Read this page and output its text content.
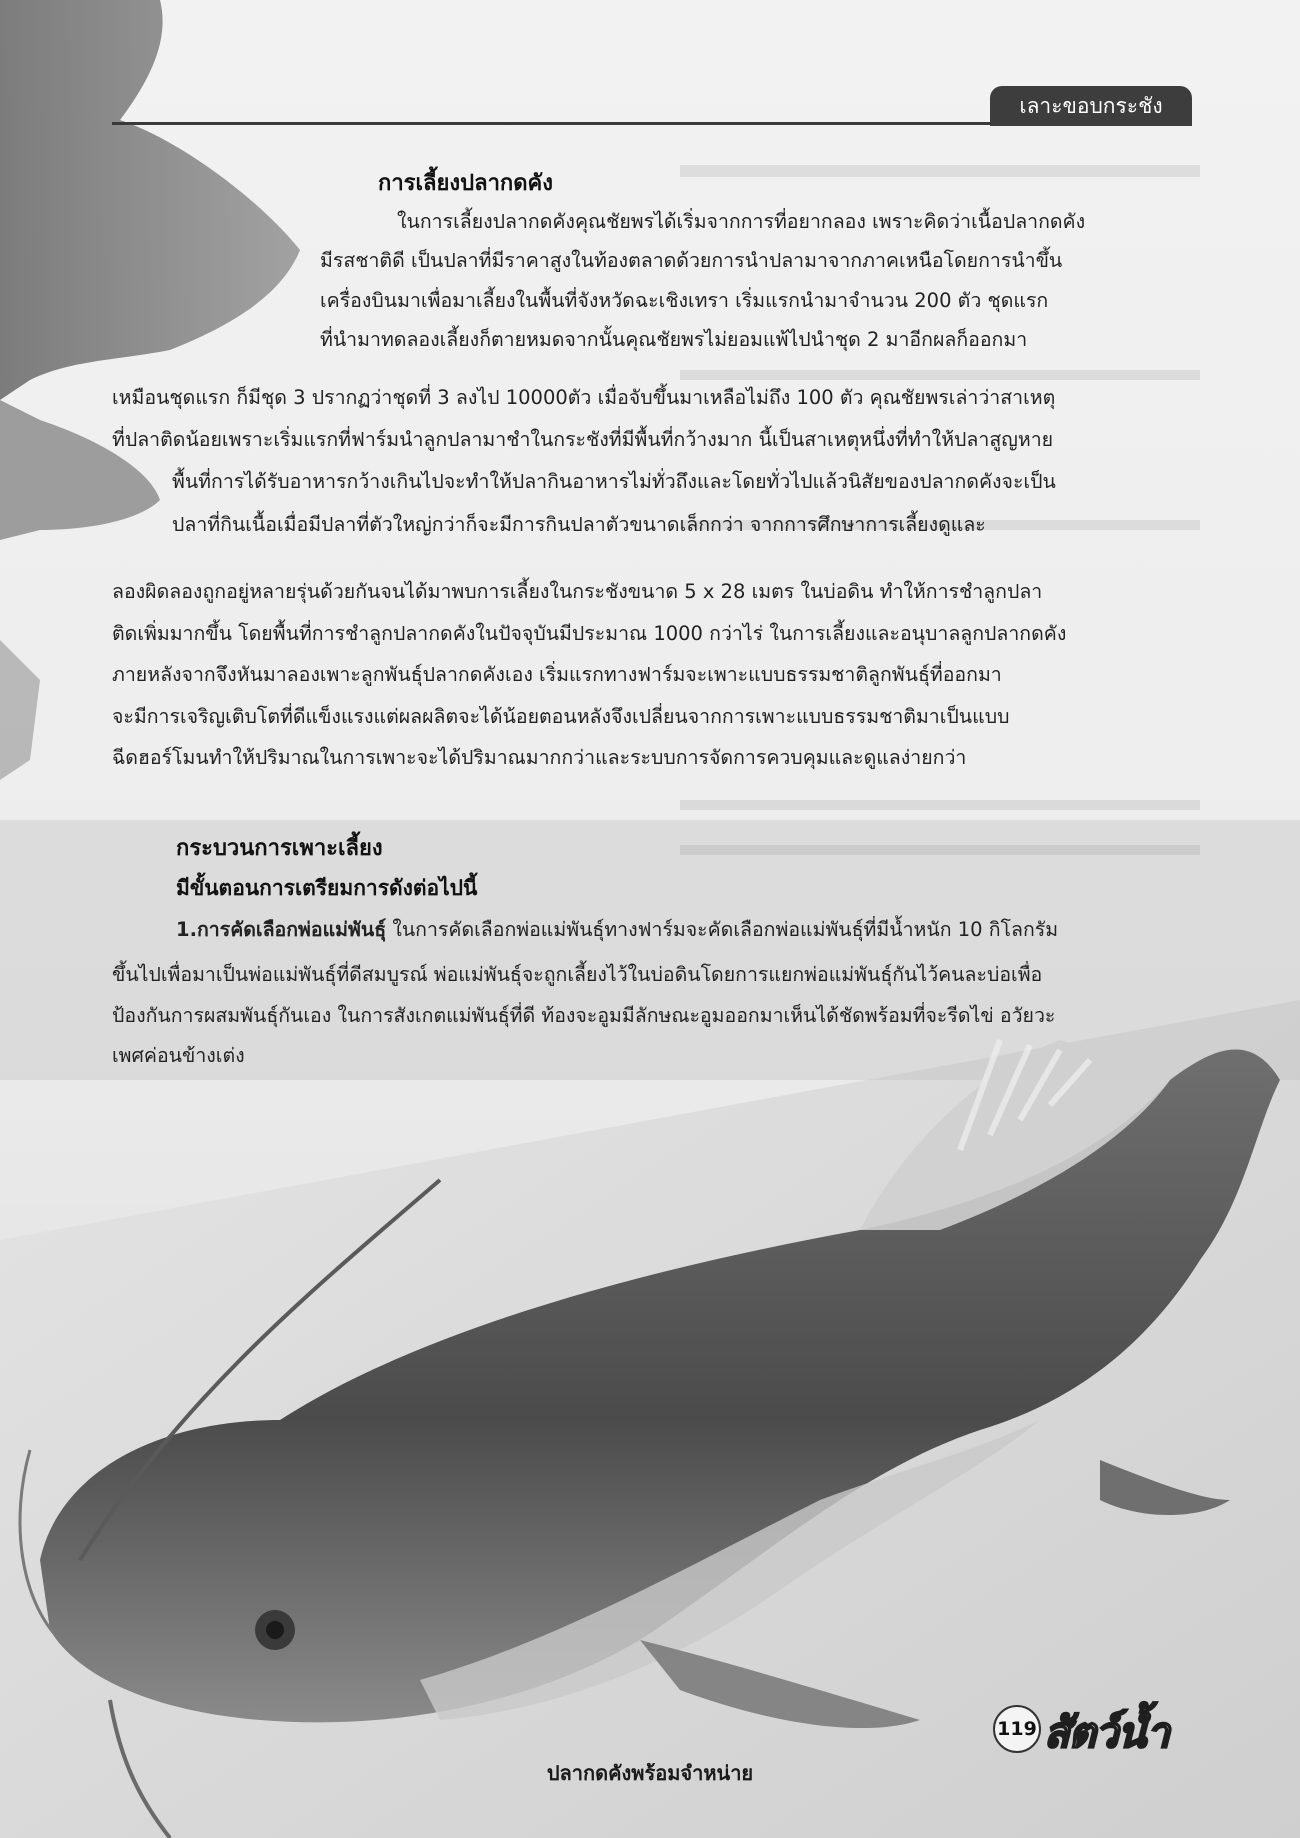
เลาะขอบกระชัง
การเลี้ยงปลากดคัง
ในการเลี้ยงปลากดคังคุณชัยพรได้เริ่มจากการที่อยากลอง เพราะคิดว่าเนื้อปลากดคัง
มีรสชาติดี เป็นปลาที่มีราคาสูงในท้องตลาดด้วยการนำปลามาจากภาคเหนือโดยการนำขึ้น
เครื่องบินมาเพื่อมาเลี้ยงในพื้นที่จังหวัดฉะเชิงเทรา เริ่มแรกนำมาจำนวน 200 ตัว ชุดแรก
ที่นำมาทดลองเลี้ยงก็ตายหมดจากนั้นคุณชัยพรไม่ยอมแพ้ไปนำชุด 2 มาอีกผลก็ออกมา
เหมือนชุดแรก ก็มีชุด 3 ปรากฏว่าชุดที่ 3 ลงไป 10000ตัว เมื่อจับขึ้นมาเหลือไม่ถึง 100 ตัว คุณชัยพรเล่าว่าสาเหตุ
ที่ปลาติดน้อยเพราะเริ่มแรกที่ฟาร์มนำลูกปลามาชำในกระชังที่มีพื้นที่กว้างมาก นี้เป็นสาเหตุหนึ่งที่ทำให้ปลาสูญหาย
พื้นที่การได้รับอาหารกว้างเกินไปจะทำให้ปลากินอาหารไม่ทั่วถึงและโดยทั่วไปแล้วนิสัยของปลากดคังจะเป็น
ปลาที่กินเนื้อเมื่อมีปลาที่ตัวใหญ่กว่าก็จะมีการกินปลาตัวขนาดเล็กกว่า จากการศึกษาการเลี้ยงดูและ
ลองผิดลองถูกอยู่หลายรุ่นด้วยกันจนได้มาพบการเลี้ยงในกระชังขนาด 5 x 28 เมตร ในบ่อดิน ทำให้การชำลูกปลา
ติดเพิ่มมากขึ้น โดยพื้นที่การชำลูกปลากดคังในปัจจุบันมีประมาณ 1000 กว่าไร่ ในการเลี้ยงและอนุบาลลูกปลากดคัง
ภายหลังจากจึงหันมาลองเพาะลูกพันธุ์ปลากดคังเอง เริ่มแรกทางฟาร์มจะเพาะแบบธรรมชาติลูกพันธุ์ที่ออกมา
จะมีการเจริญเติบโตที่ดีแข็งแรงแต่ผลผลิตจะได้น้อยตอนหลังจึงเปลี่ยนจากการเพาะแบบธรรมชาติมาเป็นแบบ
ฉีดฮอร์โมนทำให้ปริมาณในการเพาะจะได้ปริมาณมากกว่าและระบบการจัดการควบคุมและดูแลง่ายกว่า
กระบวนการเพาะเลี้ยง
มีขั้นตอนการเตรียมการดังต่อไปนี้
1.การคัดเลือกพ่อแม่พันธุ์ ในการคัดเลือกพ่อแม่พันธุ์ทางฟาร์มจะคัดเลือกพ่อแม่พันธุ์ที่มีน้ำหนัก 10 กิโลกรัม
ขึ้นไปเพื่อมาเป็นพ่อแม่พันธุ์ที่ดีสมบูรณ์ พ่อแม่พันธุ์จะถูกเลี้ยงไว้ในบ่อดินโดยการแยกพ่อแม่พันธุ์กันไว้คนละบ่อเพื่อ
ป้องกันการผสมพันธุ์กันเอง ในการสังเกตแม่พันธุ์ที่ดี ท้องจะอูมมีลักษณะอูมออกมาเห็นได้ชัดพร้อมที่จะรีดไข่ อวัยวะ
เพศค่อนข้างเต่ง
119 สัตว์น้ำ
ปลากดคังพร้อมจำหน่าย
